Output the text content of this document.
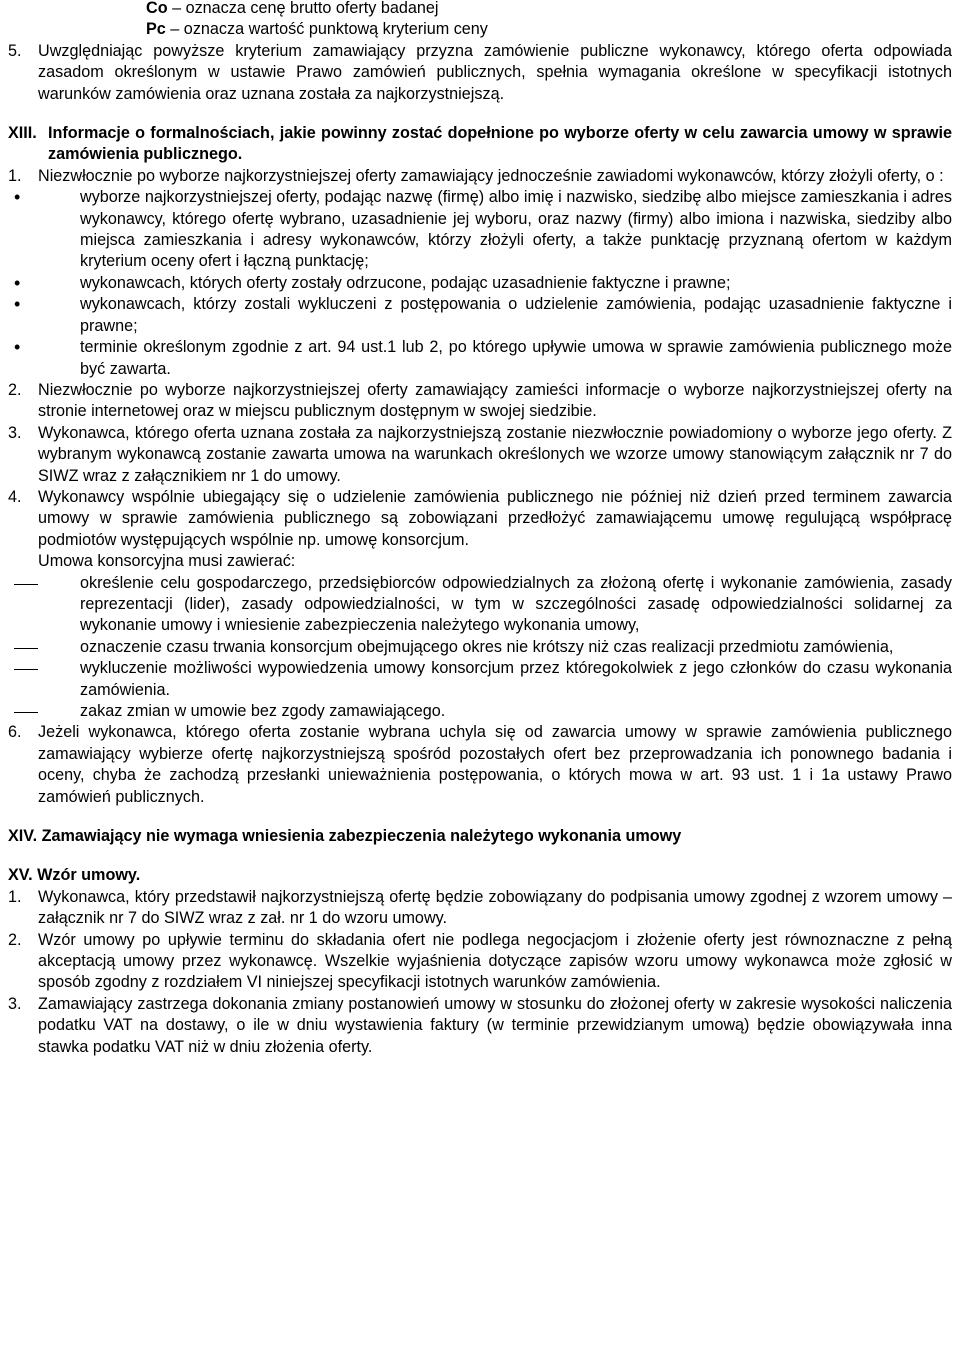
Co – oznacza cenę brutto oferty badanej

Pc – oznacza wartość punktową kryterium ceny

5.	Uwzględniając powyższe kryterium zamawiający przyzna zamówienie publiczne wykonawcy, którego oferta odpowiada zasadom określonym w ustawie Prawo zamówień publicznych, spełnia wymagania określone w specyfikacji istotnych warunków zamówienia oraz uznana została za najkorzystniejszą.
XIII. Informacje o formalnościach, jakie powinny zostać dopełnione po wyborze oferty w celu zawarcia umowy w sprawie zamówienia publicznego.
1.	Niezwłocznie po wyborze najkorzystniejszej oferty zamawiający jednocześnie zawiadomi wykonawców, którzy złożyli oferty, o :
• wyborze najkorzystniejszej oferty, podając nazwę (firmę) albo imię i nazwisko, siedzibę albo miejsce zamieszkania i adres wykonawcy, którego ofertę wybrano, uzasadnienie jej wyboru, oraz nazwy (firmy) albo imiona i nazwiska, siedziby albo miejsca zamieszkania i adresy wykonawców, którzy złożyli oferty, a także punktację przyznaną ofertom w każdym kryterium oceny ofert i łączną punktację;
• wykonawcach, których oferty zostały odrzucone, podając uzasadnienie faktyczne i prawne;
• wykonawcach, którzy zostali wykluczeni z postępowania o udzielenie zamówienia, podając uzasadnienie faktyczne i prawne;
• terminie określonym zgodnie z art. 94 ust.1 lub 2, po którego upływie umowa w sprawie zamówienia publicznego może być zawarta.
2.	Niezwłocznie po wyborze najkorzystniejszej oferty zamawiający zamieści informacje o wyborze najkorzystniejszej oferty na stronie internetowej oraz w miejscu publicznym dostępnym w swojej siedzibie.
3.	Wykonawca, którego oferta uznana została za najkorzystniejszą zostanie niezwłocznie powiadomiony o wyborze jego oferty. Z wybranym wykonawcą zostanie zawarta umowa na warunkach określonych we wzorze umowy stanowiącym załącznik nr 7 do SIWZ wraz z załącznikiem nr 1 do umowy.
4.	Wykonawcy wspólnie ubiegający się o udzielenie zamówienia publicznego nie później niż dzień przed terminem zawarcia umowy w sprawie zamówienia publicznego są zobowiązani przedłożyć zamawiającemu umowę regulującą współpracę podmiotów występujących wspólnie np. umowę konsorcjum.

Umowa konsorcyjna musi zawierać:

określenie celu gospodarczego, przedsiębiorców odpowiedzialnych za złożoną ofertę i wykonanie zamówienia, zasady reprezentacji (lider), zasady odpowiedzialności, w tym w szczególności zasadę odpowiedzialności solidarnej za wykonanie umowy i wniesienie zabezpieczenia należytego wykonania umowy,
oznaczenie czasu trwania konsorcjum obejmującego okres nie krótszy niż czas realizacji przedmiotu zamówienia,
wykluczenie możliwości wypowiedzenia umowy konsorcjum przez któregokolwiek z jego członków do czasu wykonania zamówienia.
zakaz zmian w umowie bez zgody zamawiającego.
6.	Jeżeli wykonawca, którego oferta zostanie wybrana uchyla się od zawarcia umowy w sprawie zamówienia publicznego zamawiający wybierze ofertę najkorzystniejszą spośród pozostałych ofert bez przeprowadzania ich ponownego badania i oceny, chyba że zachodzą przesłanki unieważnienia postępowania, o których mowa w art. 93 ust. 1 i 1a ustawy Prawo zamówień publicznych.

XIV. Zamawiający nie wymaga wniesienia zabezpieczenia należytego wykonania umowy

XV. Wzór umowy.

1.	Wykonawca, który przedstawił najkorzystniejszą ofertę będzie zobowiązany do podpisania umowy zgodnej z wzorem umowy – załącznik nr 7 do SIWZ wraz z zał. nr 1 do wzoru umowy.
2.	Wzór umowy po upływie terminu do składania ofert nie podlega negocjacjom i złożenie oferty jest równoznaczne z pełną akceptacją umowy przez wykonawcę. Wszelkie wyjaśnienia dotyczące zapisów wzoru umowy wykonawca może zgłosić w sposób zgodny z rozdziałem VI niniejszej specyfikacji istotnych warunków zamówienia.
3.	Zamawiający zastrzega dokonania zmiany postanowień umowy w stosunku do złożonej oferty w zakresie wysokości naliczenia podatku VAT na dostawy, o ile w dniu wystawienia faktury (w terminie przewidzianym umową) będzie obowiązywała inna stawka podatku VAT niż w dniu złożenia oferty.
